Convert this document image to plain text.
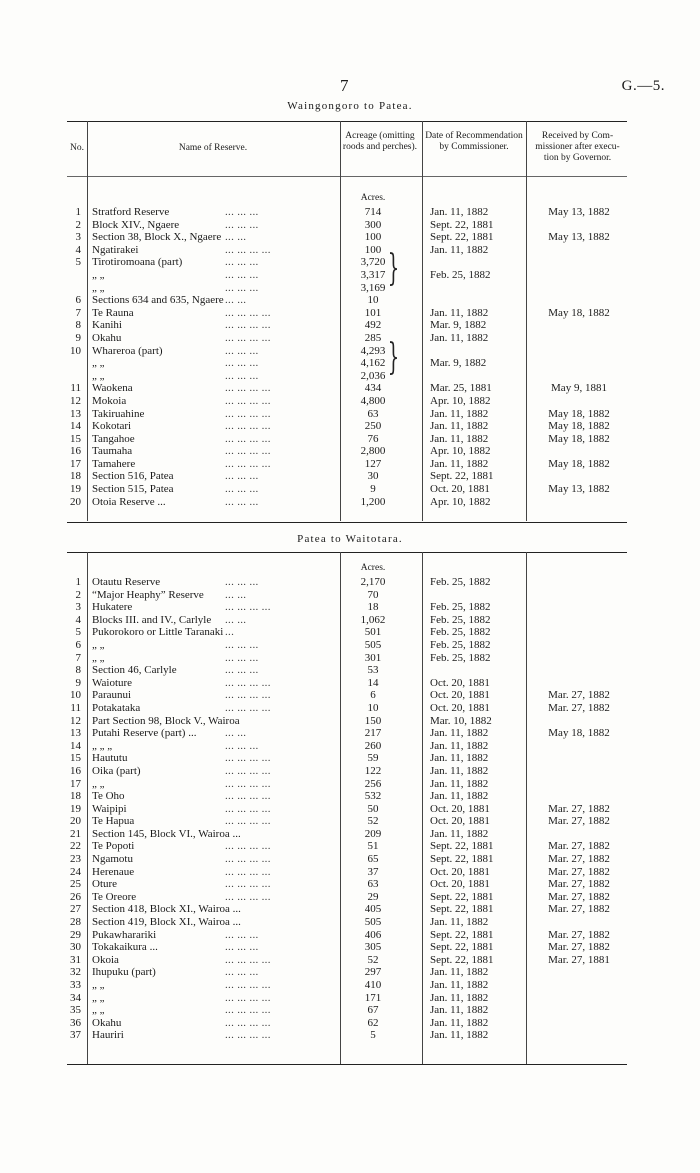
7	G.—5.
Waingongoro to Patea.
No.	Name of Reserve.
Acreage (omitting roods and perches).
Date of Recommendation by Commissioner.
Received by Com- missioner after execu- tion by Governor.
Acres.
1 Stratford Reserve	... ... ...	714	Jan. 11, 1882	May 13, 1882
2 Block XIV., Ngaere	... ... ...	300	Sept. 22, 1881
3 Section 38, Block X., Ngaere ... ...	100	Sept. 22, 1881	May 13, 1882
4 Ngatirakei	... ... ... ...	100	Jan. 11, 1882
5 Tirotiromoana (part)	... ... ...	3,720
„ „	... ... ...	3,317	Feb. 25, 1882
„ „	... ... ...	3,169
6 Sections 634 and 635, Ngaere ... ...	10
7 Te Rauna	... ... ... ...	101	Jan. 11, 1882	May 18, 1882
8 Kanihi	... ... ... ...	492	Mar. 9, 1882
9 Okahu	... ... ... ...	285	Jan. 11, 1882
10 Whareroa (part)	... ... ...	4,293
„ „	... ... ...	4,162	Mar. 9, 1882
„ „	... ... ...	2,036
11 Waokena	... ... ... ...	434	Mar. 25, 1881	May 9, 1881
12 Mokoia	... ... ... ...	4,800	Apr. 10, 1882
13 Takiruahine	... ... ... ...	63	Jan. 11, 1882	May 18, 1882
14 Kokotari	... ... ... ...	250	Jan. 11, 1882	May 18, 1882
15 Tangahoe	... ... ... ...	76	Jan. 11, 1882	May 18, 1882
16 Taumaha	... ... ... ...	2,800	Apr. 10, 1882
17 Tamahere	... ... ... ...	127	Jan. 11, 1882	May 18, 1882
18 Section 516, Patea	... ... ...	30	Sept. 22, 1881
19 Section 515, Patea	... ... ...	9	Oct. 20, 1881	May 13, 1882
20 Otoia Reserve ...	... ... ...	1,200	Apr. 10, 1882
}
}
Patea to Waitotara.
Acres.
1 Otautu Reserve	... ... ...	2,170	Feb. 25, 1882
2 “Major Heaphy” Reserve ... ...	70
3 Hukatere	... ... ... ...	18	Feb. 25, 1882
4 Blocks III. and IV., Carlyle ... ...	1,062	Feb. 25, 1882
5 Pukorokoro or Little Taranaki ...	501	Feb. 25, 1882
6 „ „	... ... ...	505	Feb. 25, 1882
7 „ „	... ... ...	301	Feb. 25, 1882
8 Section 46, Carlyle	... ... ...	53
9 Waioture	... ... ... ...	14	Oct. 20, 1881
10 Paraunui	... ... ... ...	6	Oct. 20, 1881	Mar. 27, 1882
11 Potakataka	... ... ... ...	10	Oct. 20, 1881	Mar. 27, 1882
12 Part Section 98, Block V., Wairoa	150	Mar. 10, 1882
13 Putahi Reserve (part) ...	... ...	217	Jan. 11, 1882	May 18, 1882
14 „ „ „	... ... ...	260	Jan. 11, 1882
15 Haututu	... ... ... ...	59	Jan. 11, 1882
16 Oika (part)	... ... ... ...	122	Jan. 11, 1882
17 „ „	... ... ... ...	256	Jan. 11, 1882
18 Te Oho	... ... ... ...	532	Jan. 11, 1882
19 Waipipi	... ... ... ...	50	Oct. 20, 1881	Mar. 27, 1882
20 Te Hapua	... ... ... ...	52	Oct. 20, 1881	Mar. 27, 1882
21 Section 145, Block VI., Wairoa ...	209	Jan. 11, 1882
22 Te Popoti	... ... ... ...	51	Sept. 22, 1881	Mar. 27, 1882
23 Ngamotu	... ... ... ...	65	Sept. 22, 1881	Mar. 27, 1882
24 Herenaue	... ... ... ...	37	Oct. 20, 1881	Mar. 27, 1882
25 Oture	... ... ... ...	63	Oct. 20, 1881	Mar. 27, 1882
26 Te Oreore	... ... ... ...	29	Sept. 22, 1881	Mar. 27, 1882
27 Section 418, Block XI., Wairoa ...	405	Sept. 22, 1881	Mar. 27, 1882
28 Section 419, Block XI., Wairoa ...	505	Jan. 11, 1882
29 Pukawharariki	... ... ...	406	Sept. 22, 1881	Mar. 27, 1882
30 Tokakaikura ...	... ... ...	305	Sept. 22, 1881	Mar. 27, 1882
31 Okoia	... ... ... ...	52	Sept. 22, 1881	Mar. 27, 1881
32 Ihupuku (part)	... ... ...	297	Jan. 11, 1882
33 „ „	... ... ... ...	410	Jan. 11, 1882
34 „ „	... ... ... ...	171	Jan. 11, 1882
35 „ „	... ... ... ...	67	Jan. 11, 1882
36 Okahu	... ... ... ...	62	Jan. 11, 1882
37 Hauriri	... ... ... ...	5	Jan. 11, 1882
